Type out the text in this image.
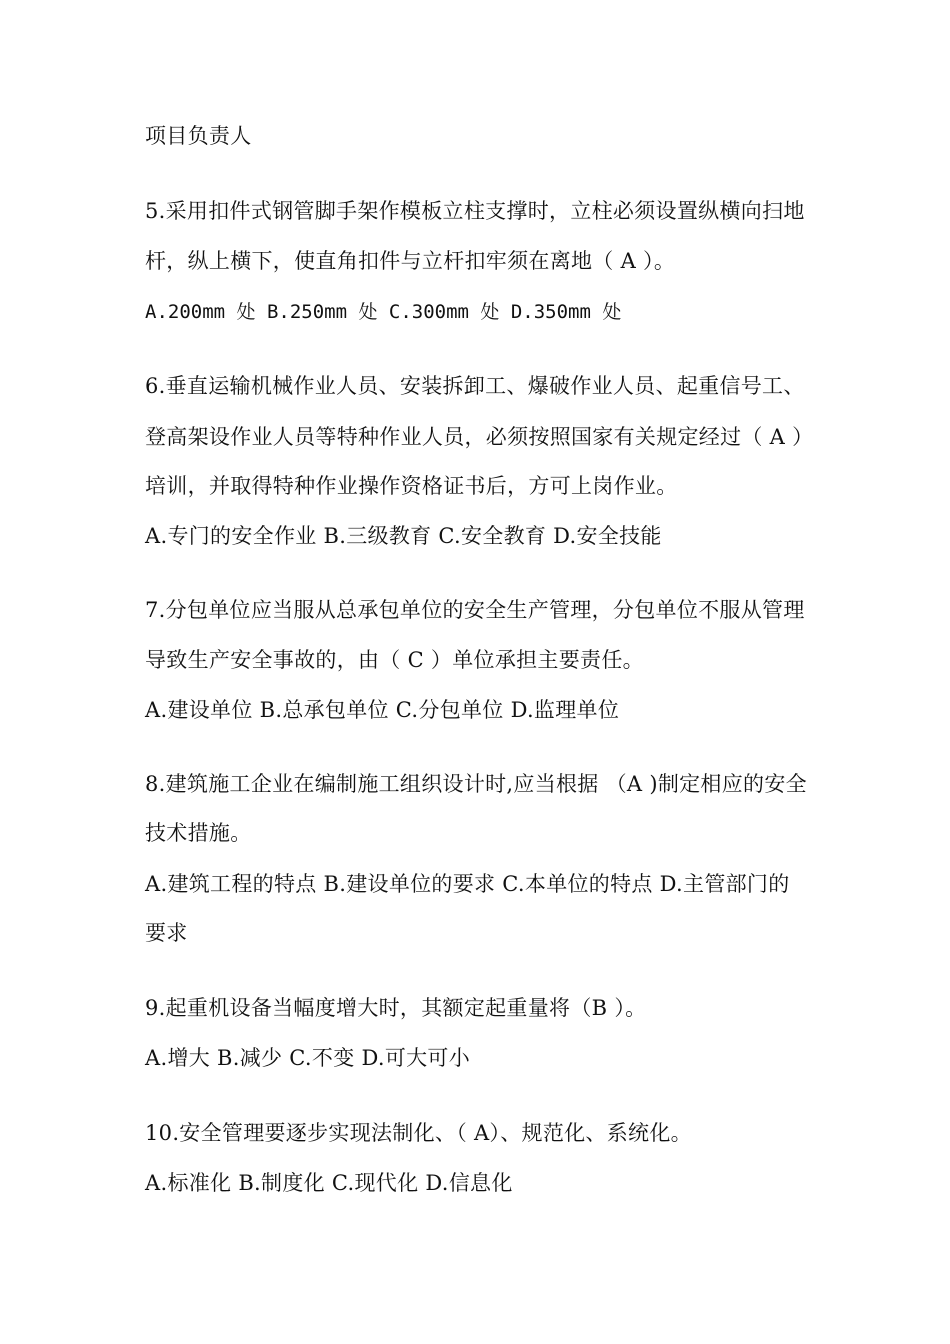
项目负责人
5.采用扣件式钢管脚手架作模板立柱支撑时，立柱必须设置纵横向扫地
杆，纵上横下，使直角扣件与立杆扣牢须在离地（ A ）。
A.200mm 处 B.250mm 处 C.300mm 处 D.350mm 处
6.垂直运输机械作业人员、安装拆卸工、爆破作业人员、起重信号工、
登高架设作业人员等特种作业人员，必须按照国家有关规定经过（ A ）
培训，并取得特种作业操作资格证书后，方可上岗作业。
A.专门的安全作业 B.三级教育 C.安全教育 D.安全技能
7.分包单位应当服从总承包单位的安全生产管理，分包单位不服从管理
导致生产安全事故的，由（ C ）单位承担主要责任。
A.建设单位 B.总承包单位 C.分包单位 D.监理单位
8.建筑施工企业在编制施工组织设计时,应当根据 （A )制定相应的安全
技术措施。
A.建筑工程的特点 B.建设单位的要求 C.本单位的特点 D.主管部门的
要求
9.起重机设备当幅度增大时，其额定起重量将（B ）。
A.增大 B.减少 C.不变 D.可大可小
10.安全管理要逐步实现法制化、（ A）、规范化、系统化。
A.标准化 B.制度化 C.现代化 D.信息化
